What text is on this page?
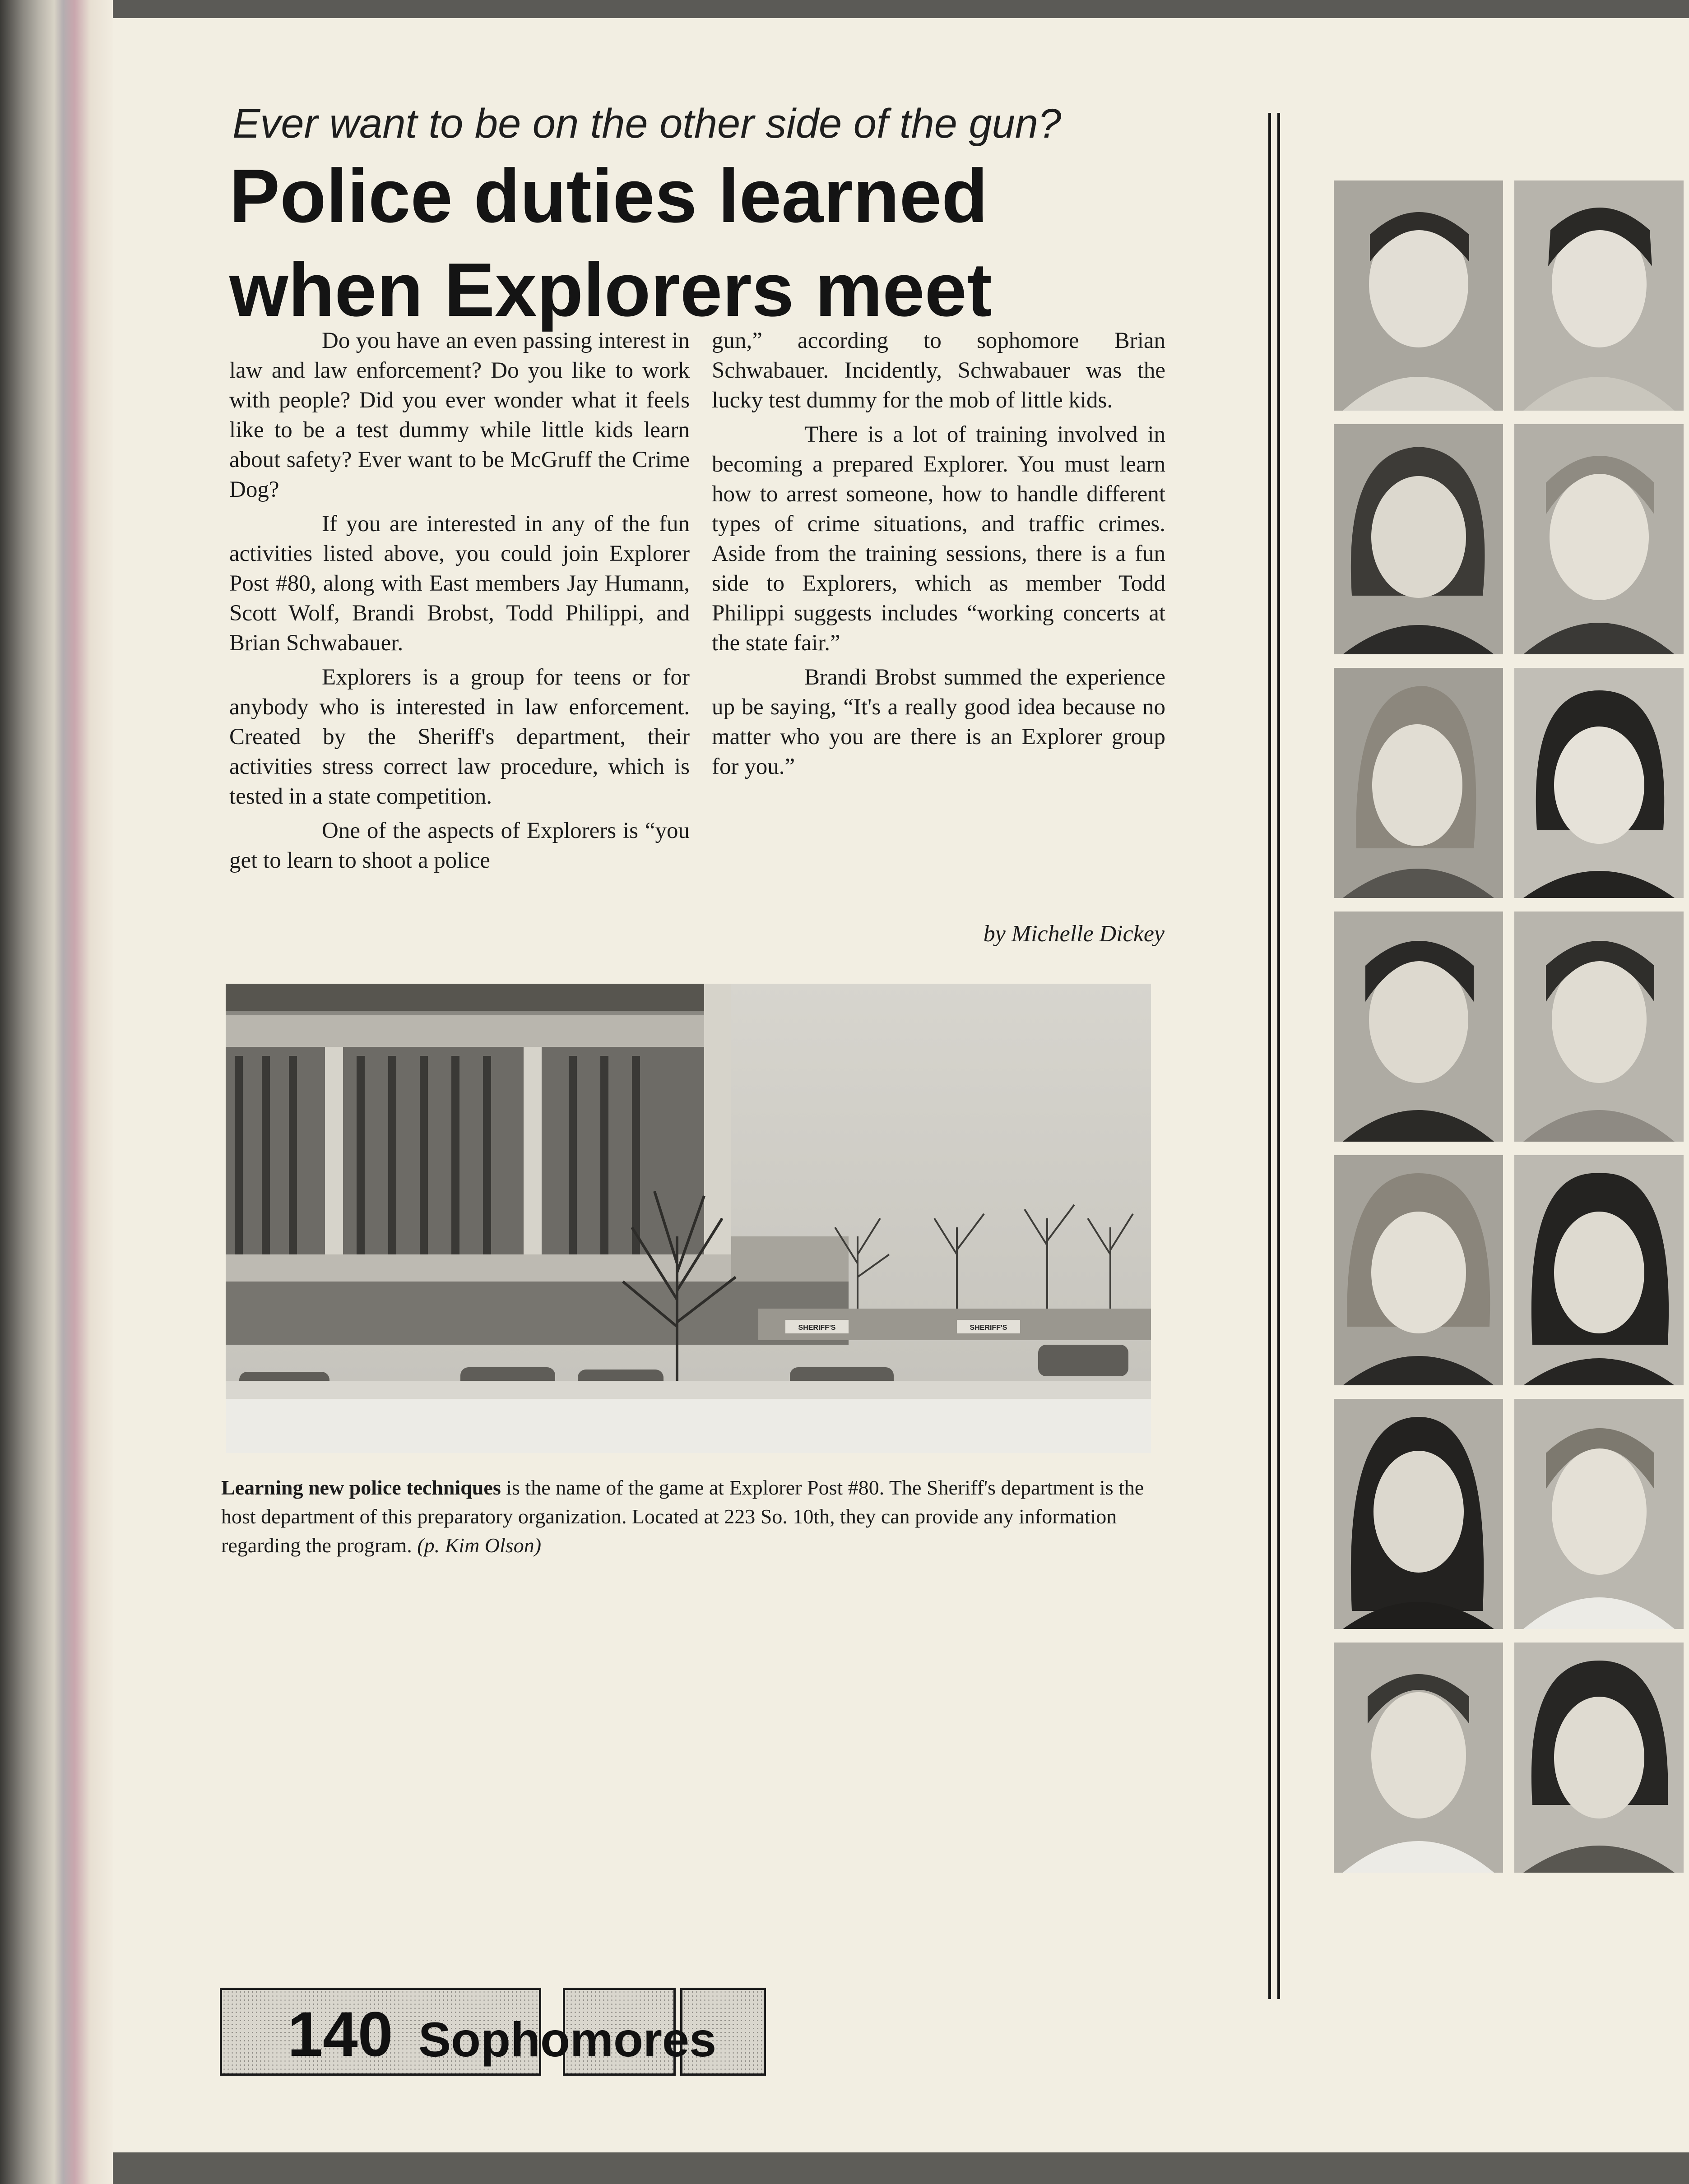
Ever want to be on the other side of the gun?
Police duties learned
when Explorers meet

Do you have an even passing interest in law and law enforcement? Do you like to work with people? Did you ever wonder what it feels like to be a test dummy while little kids learn about safety? Ever want to be McGruff the Crime Dog?

If you are interested in any of the fun activities listed above, you could join Explorer Post #80, along with East members Jay Humann, Scott Wolf, Brandi Brobst, Todd Philippi, and Brian Schwabauer.

Explorers is a group for teens or for anybody who is interested in law enforcement. Created by the Sheriff's department, their activities stress correct law procedure, which is tested in a state competition.

One of the aspects of Explorers is “you get to learn to shoot a police

gun,” according to sophomore Brian Schwabauer. Incidently, Schwabauer was the lucky test dummy for the mob of little kids.

There is a lot of training involved in becoming a prepared Explorer. You must learn how to arrest someone, how to handle different types of crime situations, and traffic crimes. Aside from the training sessions, there is a fun side to Explorers, which as member Todd Philippi suggests includes “working concerts at the state fair.”

Brandi Brobst summed the experience up be saying, “It's a really good idea because no matter who you are there is an Explorer group for you.”

by Michelle Dickey
SHERIFF'S	SHERIFF'S
Learning new police techniques is the name of the game at Explorer Post #80. The Sheriff's department is the host department of this preparatory organization. Located at 223 So. 10th, they can provide any information regarding the program. (p. Kim Olson)
140 Sophomores
